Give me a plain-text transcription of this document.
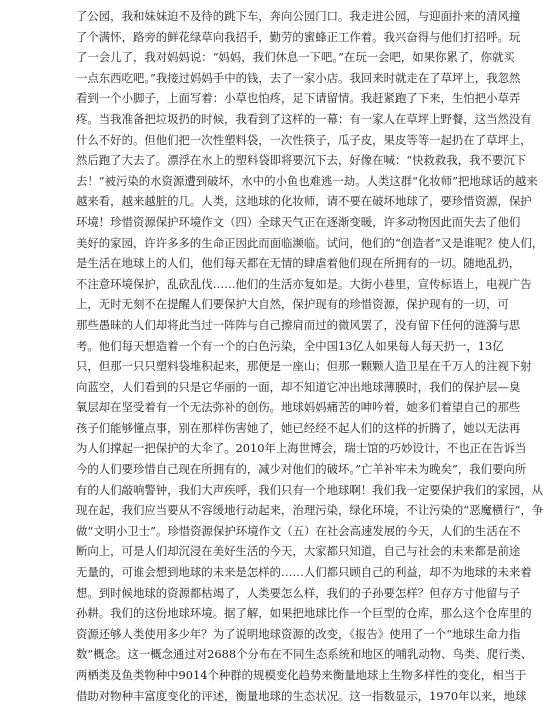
了公园，我和妹妹迫不及待的跳下车，奔向公园门口。我走进公园，与迎面扑来的清风撞
了个满怀，路旁的鲜花绿草向我招手，勤劳的蜜蜂正工作着。我兴奋得与他们打招呼。玩
了一会儿了，我对妈妈说：“妈妈，我们休息一下吧。”在玩一会吧，如果你累了，你就买
一点东西吃吧。”我接过妈妈手中的钱，去了一家小店。我回来时就走在了草坪上，我忽然
看到一个小脚子，上面写着：小草也怕疼，足下请留情。我赶紧跑了下来，生怕把小草弄
疼。当我准备把垃圾扔的时候，我看到了这样的一幕：有一家人在草坪上野餐，这当然没有
什么不好的。但他们把一次性塑料袋，一次性筷子，瓜子皮，果皮等等一起扔在了草坪上，
然后跑了大去了。漂浮在水上的塑料袋即将要沉下去，好像在喊：“快救救我，我不要沉下
去！”被污染的水资源遭到破坏，水中的小鱼也难逃一劫。人类这群“化妆师”把地球话的越来
越来看，越来越脏的几。人类，这地球的化妆师，请不要在破坏地球了，要珍惜资源，保护
环境！珍惜资源保护环境作文（四）全球天气正在逐渐变暖，许多动物因此而失去了他们
美好的家园，许许多多的生命正因此而面临濒临。试问，他们的“创造者”又是谁呢？使人们，
是生活在地球上的人们，他们每天都在无情的肆虐着他们现在所拥有的一切。随地乱扔，
不注意环境保护，乱砍乱伐……他们的生活亦复如是。大街小巷里，宣传标语上，电视广告
上，无时无刻不在提醒人们要保护大自然，保护现有的珍惜资源，保护现有的一切，可
那些愚昧的人们却将此当过一阵阵与自己擦肩而过的微风罢了，没有留下任何的涟漪与思
考。他们每天想造着一个有一个的白色污染，全中国13亿人如果每人每天扔一，13亿
只，但那一只只塑料袋堆积起来，那便是一座山；但那一颗颗人造卫星在千万人的注视下射
向蓝空，人们看到的只是它华丽的一面，却不知道它冲出地球薄膜时，我们的保护层—臭
氧层却在坚受着有一个无法弥补的创伤。地球妈妈痛苦的呻吟着，她多们着望自己的那些
孩子们能够懂点事，别在那样伤害她了，她已经经不起人们的这样的折腾了，她以无法再
为人们撑起一把保护的大伞了。2010年上海世博会，瑞士馆的巧妙设计，不也正在告诉当
今的人们要珍惜自己现在所拥有的，减少对他们的破坏。”亡羊补牢未为晚矣”，我们要向所
有的人们敲响警钟，我们大声疾呼，我们只有一个地球啊！我们我一定要保护我们的家园，从
现在起，我们应当要从不容缓地行动起来，治理污染，绿化环境，不让污染的“恶魔横行”，争
做“文明小卫士”。珍惜资源保护环境作文（五）在社会高速发展的今天，人们的生活在不
断向上，可是人们却沉浸在美好生活的今天，大家都只知道，自己与社会的未来都是前途
无量的，可谁会想到地球的未来是怎样的……人们都只顾自己的利益，却不为地球的未来着
想。到时候地球的资源都枯竭了，人类要怎么样，我们的子孙要怎样？但存方寸他留与子
孙耕。我们的这份地球环境。据了解，如果把地球比作一个巨型的仓库，那么这个仓库里的
资源还够人类使用多少年？为了说明地球资源的改变，《报告》使用了一个“地球生命力指
数”概念。这一概念通过对2688个分布在不同生态系统和地区的哺乳动物、鸟类、爬行类、
两栖类及鱼类物种中9014个种群的规模变化趋势来衡量地球上生物多样性的变化，相当于
借助对物种丰富度变化的评述，衡量地球的生态状况。这一指数显示，1970年以来，地球
